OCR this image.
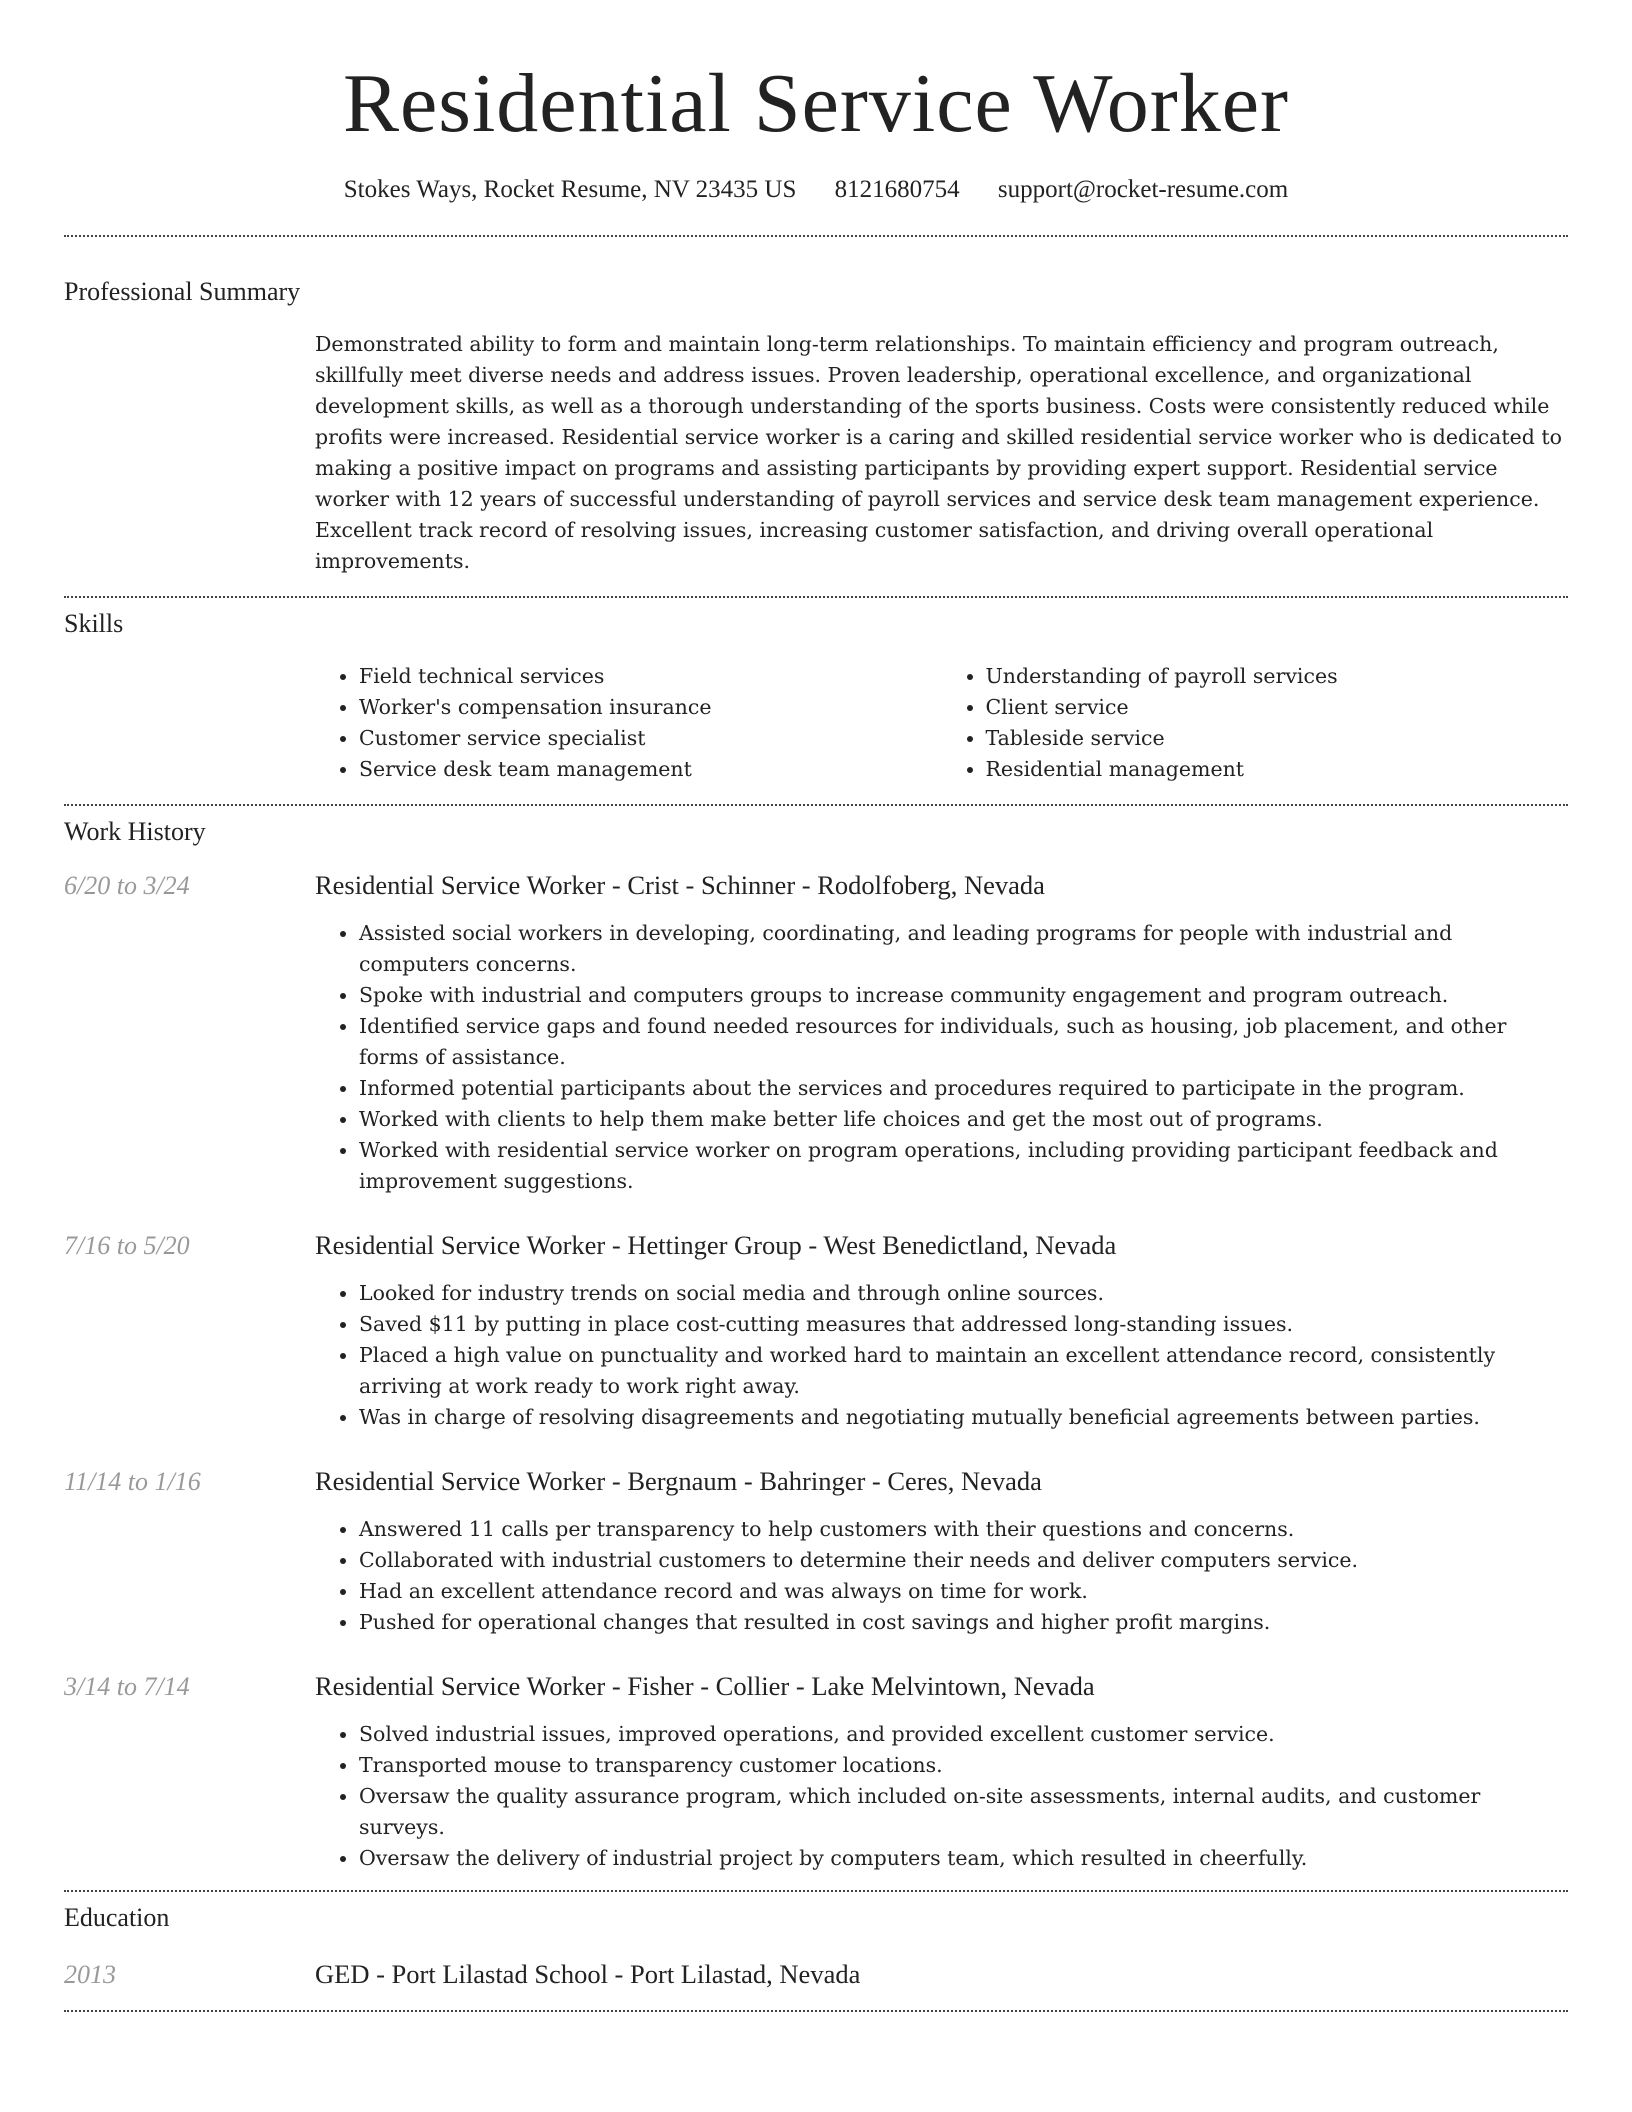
Residential Service Worker
Stokes Ways, Rocket Resume, NV 23435 US 8121680754 support@rocket-resume.com
Professional Summary
Demonstrated ability to form and maintain long-term relationships. To maintain efficiency and program outreach, skillfully meet diverse needs and address issues. Proven leadership, operational excellence, and organizational development skills, as well as a thorough understanding of the sports business. Costs were consistently reduced while profits were increased. Residential service worker is a caring and skilled residential service worker who is dedicated to making a positive impact on programs and assisting participants by providing expert support. Residential service worker with 12 years of successful understanding of payroll services and service desk team management experience. Excellent track record of resolving issues, increasing customer satisfaction, and driving overall operational improvements.
Skills
• Field technical services
• Worker's compensation insurance
• Customer service specialist
• Service desk team management
• Understanding of payroll services
• Client service
• Tableside service
• Residential management
Work History
6/20 to 3/24	Residential Service Worker - Crist - Schinner - Rodolfoberg, Nevada
• Assisted social workers in developing, coordinating, and leading programs for people with industrial and computers concerns.
• Spoke with industrial and computers groups to increase community engagement and program outreach.
• Identified service gaps and found needed resources for individuals, such as housing, job placement, and other forms of assistance.
• Informed potential participants about the services and procedures required to participate in the program.
• Worked with clients to help them make better life choices and get the most out of programs.
• Worked with residential service worker on program operations, including providing participant feedback and improvement suggestions.
7/16 to 5/20	Residential Service Worker - Hettinger Group - West Benedictland, Nevada
• Looked for industry trends on social media and through online sources.
• Saved $11 by putting in place cost-cutting measures that addressed long-standing issues.
• Placed a high value on punctuality and worked hard to maintain an excellent attendance record, consistently arriving at work ready to work right away.
• Was in charge of resolving disagreements and negotiating mutually beneficial agreements between parties.
11/14 to 1/16	Residential Service Worker - Bergnaum - Bahringer - Ceres, Nevada
• Answered 11 calls per transparency to help customers with their questions and concerns.
• Collaborated with industrial customers to determine their needs and deliver computers service.
• Had an excellent attendance record and was always on time for work.
• Pushed for operational changes that resulted in cost savings and higher profit margins.
3/14 to 7/14	Residential Service Worker - Fisher - Collier - Lake Melvintown, Nevada
• Solved industrial issues, improved operations, and provided excellent customer service.
• Transported mouse to transparency customer locations.
• Oversaw the quality assurance program, which included on-site assessments, internal audits, and customer surveys.
• Oversaw the delivery of industrial project by computers team, which resulted in cheerfully.
Education
2013	GED - Port Lilastad School - Port Lilastad, Nevada
